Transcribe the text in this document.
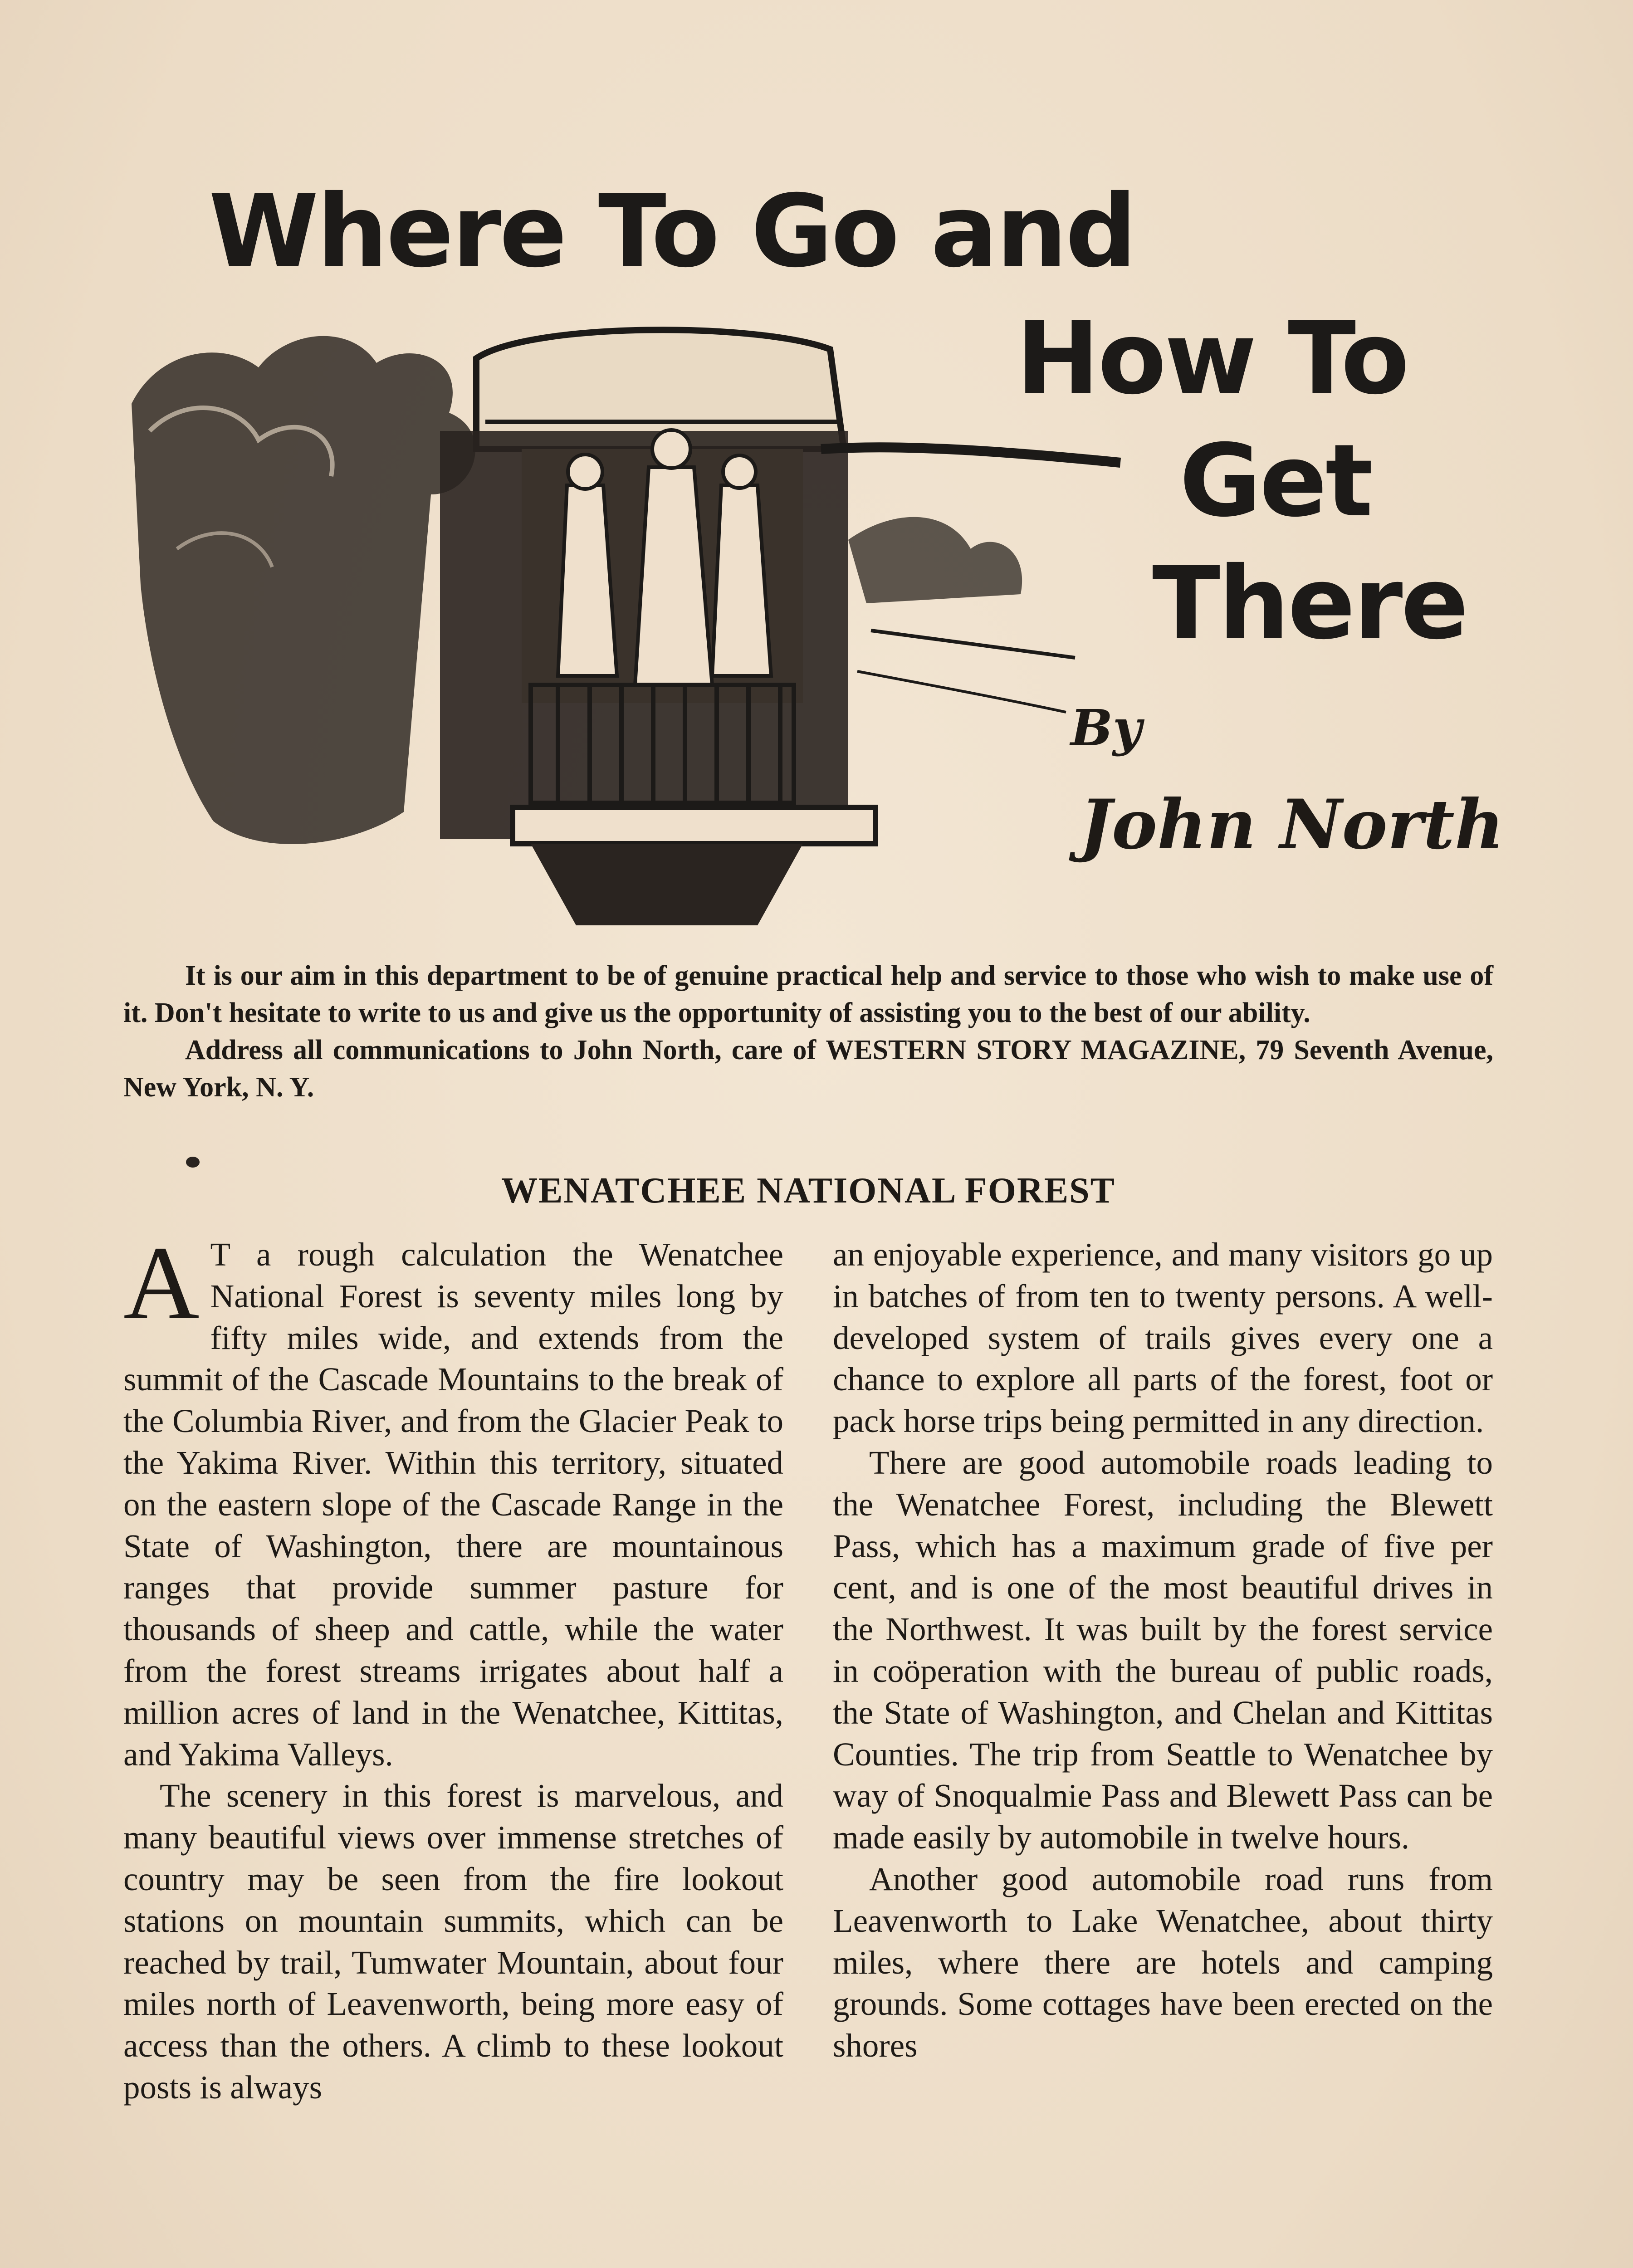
Where To Go and
How To
Get
There
By
John North

It is our aim in this department to be of genuine practical help and service to those who wish to make use of it. Don't hesitate to write to us and give us the opportunity of assisting you to the best of our ability.

Address all communications to John North, care of WESTERN STORY MAGAZINE, 79 Seventh Avenue, New York, N. Y.

WENATCHEE NATIONAL FOREST

A T a rough calculation the Wenatchee National Forest is seventy miles long by fifty miles wide, and extends from the summit of the Cascade Mountains to the break of the Columbia River, and from the Glacier Peak to the Yakima River. Within this territory, situated on the eastern slope of the Cascade Range in the State of Washington, there are mountainous ranges that provide summer pasture for thousands of sheep and cattle, while the water from the forest streams irrigates about half a million acres of land in the Wenatchee, Kittitas, and Yakima Valleys.

The scenery in this forest is marvelous, and many beautiful views over immense stretches of country may be seen from the fire lookout stations on mountain summits, which can be reached by trail, Tumwater Mountain, about four miles north of Leavenworth, being more easy of access than the others. A climb to these lookout posts is always

an enjoyable experience, and many visitors go up in batches of from ten to twenty persons. A well-developed system of trails gives every one a chance to explore all parts of the forest, foot or pack horse trips being permitted in any direction.

There are good automobile roads leading to the Wenatchee Forest, including the Blewett Pass, which has a maximum grade of five per cent, and is one of the most beautiful drives in the Northwest. It was built by the forest service in coöperation with the bureau of public roads, the State of Washington, and Chelan and Kittitas Counties. The trip from Seattle to Wenatchee by way of Snoqualmie Pass and Blewett Pass can be made easily by automobile in twelve hours.

Another good automobile road runs from Leavenworth to Lake Wenatchee, about thirty miles, where there are hotels and camping grounds. Some cottages have been erected on the shores
